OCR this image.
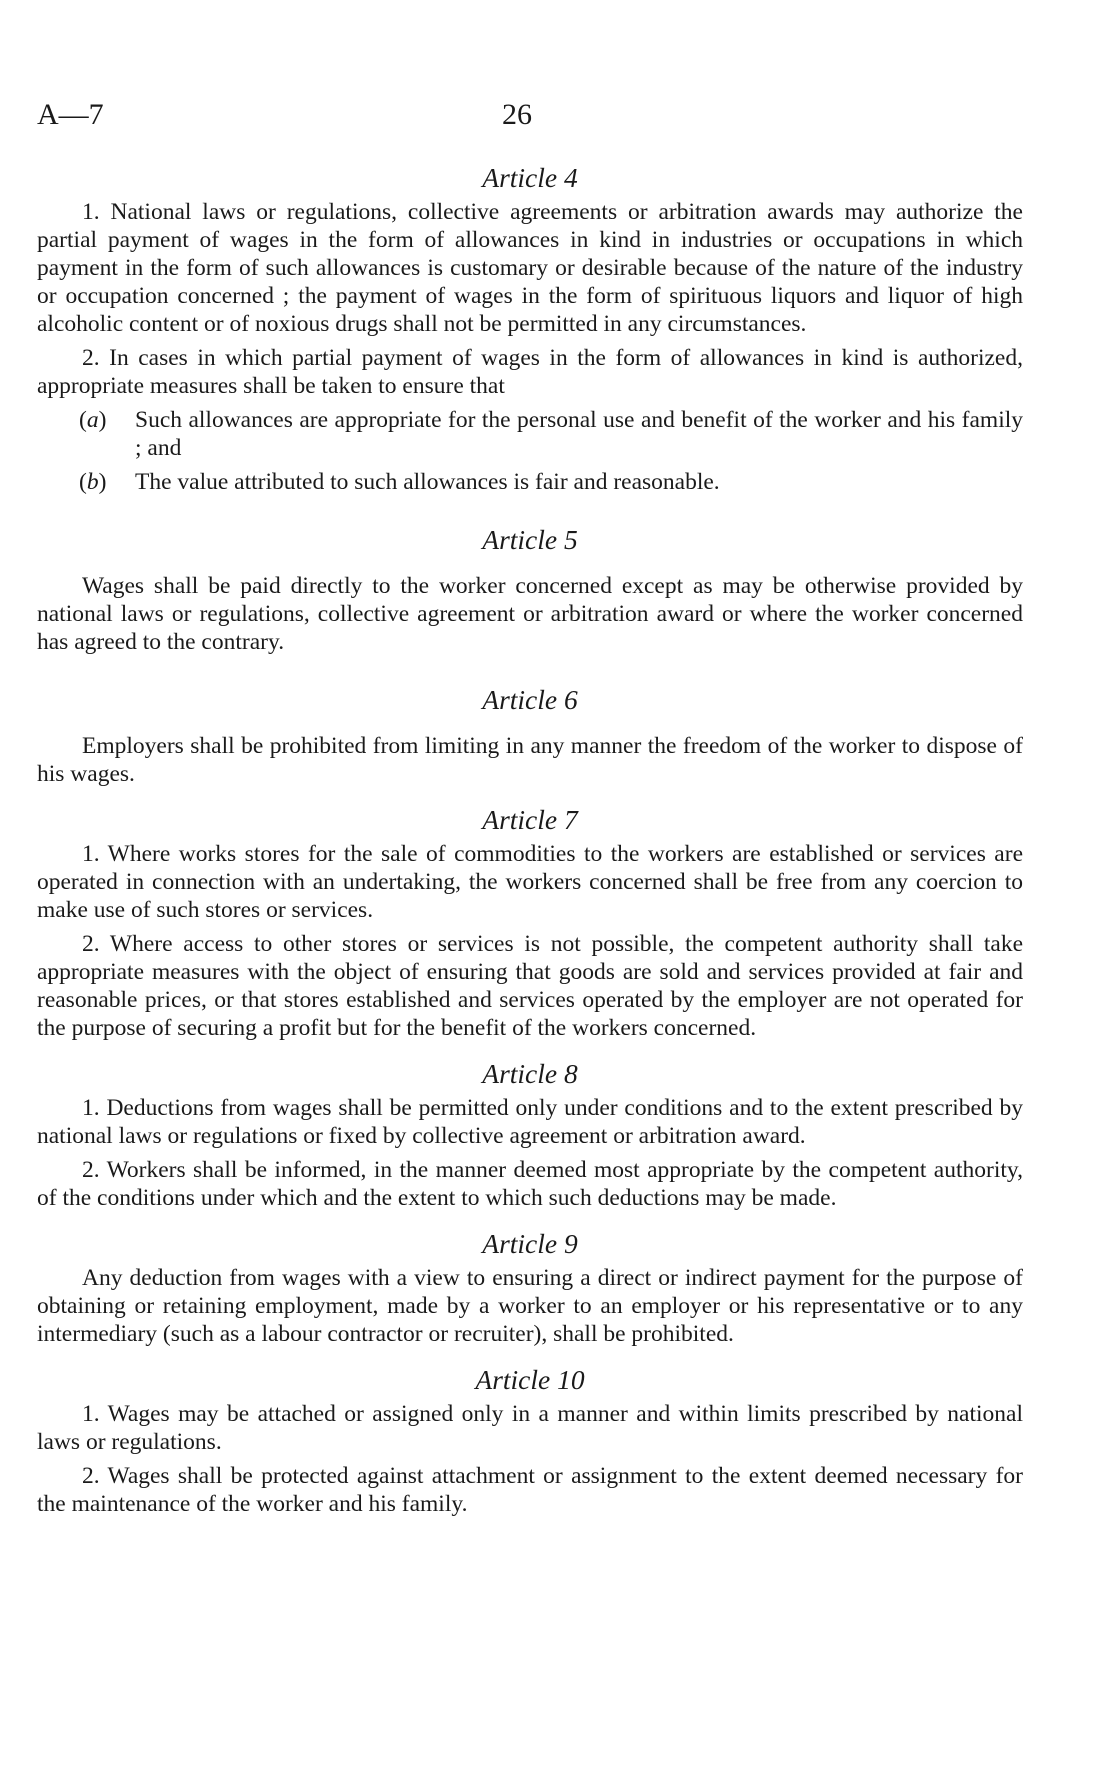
A—7	26
Article 4

1. National laws or regulations, collective agreements or arbitration awards may authorize the partial payment of wages in the form of allowances in kind in industries or occupations in which payment in the form of such allowances is customary or desirable because of the nature of the industry or occupation concerned ; the payment of wages in the form of spirituous liquors and liquor of high alcoholic content or of noxious drugs shall not be permitted in any circumstances.

2. In cases in which partial payment of wages in the form of allowances in kind is authorized, appropriate measures shall be taken to ensure that

(a)	Such allowances are appropriate for the personal use and benefit of the worker and his family ; and
(b)	The value attributed to such allowances is fair and reasonable.
Article 5

Wages shall be paid directly to the worker concerned except as may be otherwise provided by national laws or regulations, collective agreement or arbitration award or where the worker concerned has agreed to the contrary.

Article 6

Employers shall be prohibited from limiting in any manner the freedom of the worker to dispose of his wages.

Article 7

1. Where works stores for the sale of commodities to the workers are established or services are operated in connection with an undertaking, the workers concerned shall be free from any coercion to make use of such stores or services.

2. Where access to other stores or services is not possible, the competent authority shall take appropriate measures with the object of ensuring that goods are sold and services provided at fair and reasonable prices, or that stores established and services operated by the employer are not operated for the purpose of securing a profit but for the benefit of the workers concerned.

Article 8

1. Deductions from wages shall be permitted only under conditions and to the extent prescribed by national laws or regulations or fixed by collective agreement or arbitration award.

2. Workers shall be informed, in the manner deemed most appropriate by the competent authority, of the conditions under which and the extent to which such deductions may be made.

Article 9

Any deduction from wages with a view to ensuring a direct or indirect payment for the purpose of obtaining or retaining employment, made by a worker to an employer or his representative or to any intermediary (such as a labour contractor or recruiter), shall be prohibited.

Article 10

1. Wages may be attached or assigned only in a manner and within limits prescribed by national laws or regulations.

2. Wages shall be protected against attachment or assignment to the extent deemed necessary for the maintenance of the worker and his family.
